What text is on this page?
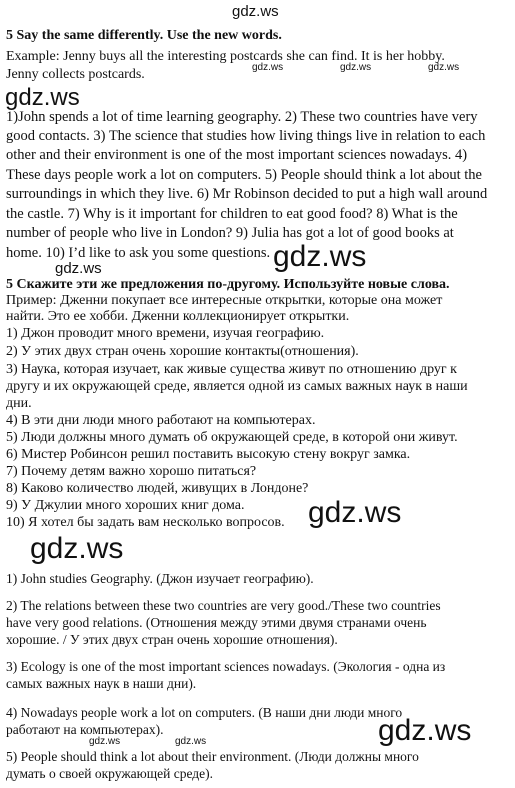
gdz.ws
gdz.ws	gdz.ws	gdz.ws
gdz.ws
gdz.ws
gdz.ws
gdz.ws
gdz.ws
gdz.ws
gdz.ws	gdz.ws
5 Say the same differently. Use the new words.
Example: Jenny buys all the interesting postcards she can find. It is her hobby.
Jenny collects postcards.
1)John spends a lot of time learning geography. 2) These two countries have very
good contacts. 3) The science that studies how living things live in relation to each
other and their environment is one of the most important sciences nowadays. 4)
These days people work a lot on computers. 5) People should think a lot about the
surroundings in which they live. 6) Mr Robinson decided to put a high wall around
the castle. 7) Why is it important for children to eat good food? 8) What is the
number of people who live in London? 9) Julia has got a lot of good books at
home. 10) I’d like to ask you some questions.
5 Скажите эти же предложения по-другому. Используйте новые слова.
Пример: Дженни покупает все интересные открытки, которые она может
найти. Это ее хобби. Дженни коллекционирует открытки.
1) Джон проводит много времени, изучая географию.
2) У этих двух стран очень хорошие контакты(отношения).
3) Наука, которая изучает, как живые существа живут по отношению друг к
другу и их окружающей среде, является одной из самых важных наук в наши
дни.
4) В эти дни люди много работают на компьютерах.
5) Люди должны много думать об окружающей среде, в которой они живут.
6) Мистер Робинсон решил поставить высокую стену вокруг замка.
7) Почему детям важно хорошо питаться?
8) Каково количество людей, живущих в Лондоне?
9) У Джулии много хороших книг дома.
10) Я хотел бы задать вам несколько вопросов.
1) John studies Geography. (Джон изучает географию).
2) The relations between these two countries are very good./These two countries
have very good relations. (Отношения между этими двумя странами очень
хорошие. / У этих двух стран очень хорошие отношения).
3) Ecology is one of the most important sciences nowadays. (Экология - одна из
самых важных наук в наши дни).
4) Nowadays people work a lot on computers. (В наши дни люди много
работают на компьютерах).
5) People should think a lot about their environment. (Люди должны много
думать о своей окружающей среде).
